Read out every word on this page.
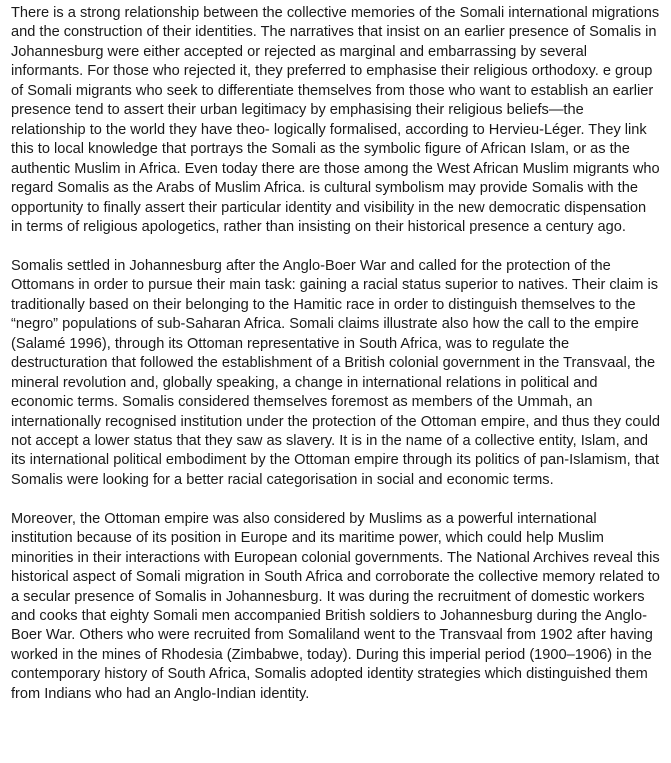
There is a strong relationship between the collective memories of the Somali international migrations and the construction of their identities. The narratives that insist on an earlier presence of Somalis in Johannesburg were either accepted or rejected as marginal and embarrassing by several informants. For those who rejected it, they preferred to emphasise their religious orthodoxy. e group of Somali migrants who seek to differentiate themselves from those who want to establish an earlier presence tend to assert their urban legitimacy by emphasising their religious beliefs—the relationship to the world they have theo- logically formalised, according to Hervieu-Léger. They link this to local knowledge that portrays the Somali as the symbolic figure of African Islam, or as the authentic Muslim in Africa. Even today there are those among the West African Muslim migrants who regard Somalis as the Arabs of Muslim Africa. is cultural symbolism may provide Somalis with the opportunity to finally assert their particular identity and visibility in the new democratic dispensation in terms of religious apologetics, rather than insisting on their historical presence a century ago.

Somalis settled in Johannesburg after the Anglo-Boer War and called for the protection of the Ottomans in order to pursue their main task: gaining a racial status superior to natives. Their claim is traditionally based on their belonging to the Hamitic race in order to distinguish themselves to the “negro” populations of sub-Saharan Africa. Somali claims illustrate also how the call to the empire (Salamé 1996), through its Ottoman representative in South Africa, was to regulate the destructuration that followed the establishment of a British colonial government in the Transvaal, the mineral revolution and, globally speaking, a change in international relations in political and economic terms. Somalis considered themselves foremost as members of the Ummah, an internationally recognised institution under the protection of the Ottoman empire, and thus they could not accept a lower status that they saw as slavery. It is in the name of a collective entity, Islam, and its international political embodiment by the Ottoman empire through its politics of pan-Islamism, that Somalis were looking for a better racial categorisation in social and economic terms.

Moreover, the Ottoman empire was also considered by Muslims as a powerful international institution because of its position in Europe and its maritime power, which could help Muslim minorities in their interactions with European colonial governments. The National Archives reveal this historical aspect of Somali migration in South Africa and corroborate the collective memory related to a secular presence of Somalis in Johannesburg. It was during the recruitment of domestic workers and cooks that eighty Somali men accompanied British soldiers to Johannesburg during the Anglo-Boer War. Others who were recruited from Somaliland went to the Transvaal from 1902 after having worked in the mines of Rhodesia (Zimbabwe, today). During this imperial period (1900–1906) in the contemporary history of South Africa, Somalis adopted identity strategies which distinguished them from Indians who had an Anglo-Indian identity.
